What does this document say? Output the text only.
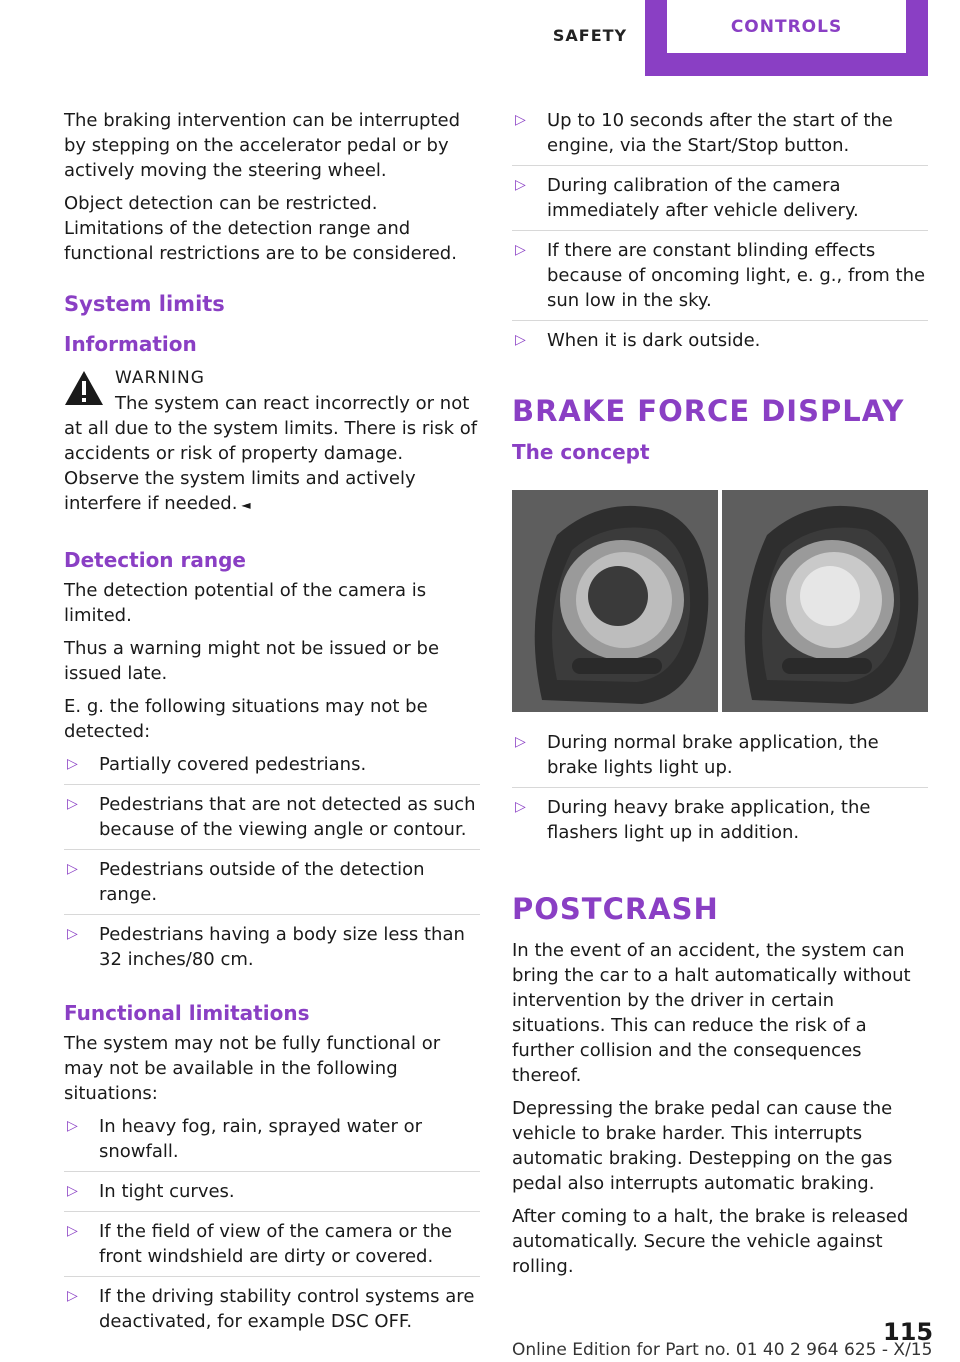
SAFETY	CONTROLS

The braking intervention can be interrupted by stepping on the accelerator pedal or by actively moving the steering wheel.

Object detection can be restricted. Limitations of the detection range and functional restrictions are to be considered.

System limits
Information
WARNING

The system can react incorrectly or not at all due to the system limits. There is risk of accidents or risk of property damage. Observe the system limits and actively interfere if needed. ◄

Detection range

The detection potential of the camera is limited.

Thus a warning might not be issued or be issued late.

E. g. the following situations may not be detected:

▷ Partially covered pedestrians.
▷ Pedestrians that are not detected as such because of the viewing angle or contour.
▷ Pedestrians outside of the detection range.
▷ Pedestrians having a body size less than 32 inches/80 cm.
Functional limitations

The system may not be fully functional or may not be available in the following situations:

▷ In heavy fog, rain, sprayed water or snowfall.
▷ In tight curves.
▷ If the field of view of the camera or the front windshield are dirty or covered.
▷ If the driving stability control systems are deactivated, for example DSC OFF.
▷ Up to 10 seconds after the start of the engine, via the Start/Stop button.
▷ During calibration of the camera immediately after vehicle delivery.
▷ If there are constant blinding effects because of oncoming light, e. g., from the sun low in the sky.
▷ When it is dark outside.
BRAKE FORCE DISPLAY
The concept
▷ During normal brake application, the brake lights light up.
▷ During heavy brake application, the flashers light up in addition.
POSTCRASH

In the event of an accident, the system can bring the car to a halt automatically without intervention by the driver in certain situations. This can reduce the risk of a further collision and the consequences thereof.

Depressing the brake pedal can cause the vehicle to brake harder. This interrupts automatic braking. Destepping on the gas pedal also interrupts automatic braking.

After coming to a halt, the brake is released automatically. Secure the vehicle against rolling.

115
Online Edition for Part no. 01 40 2 964 625 - X/15
